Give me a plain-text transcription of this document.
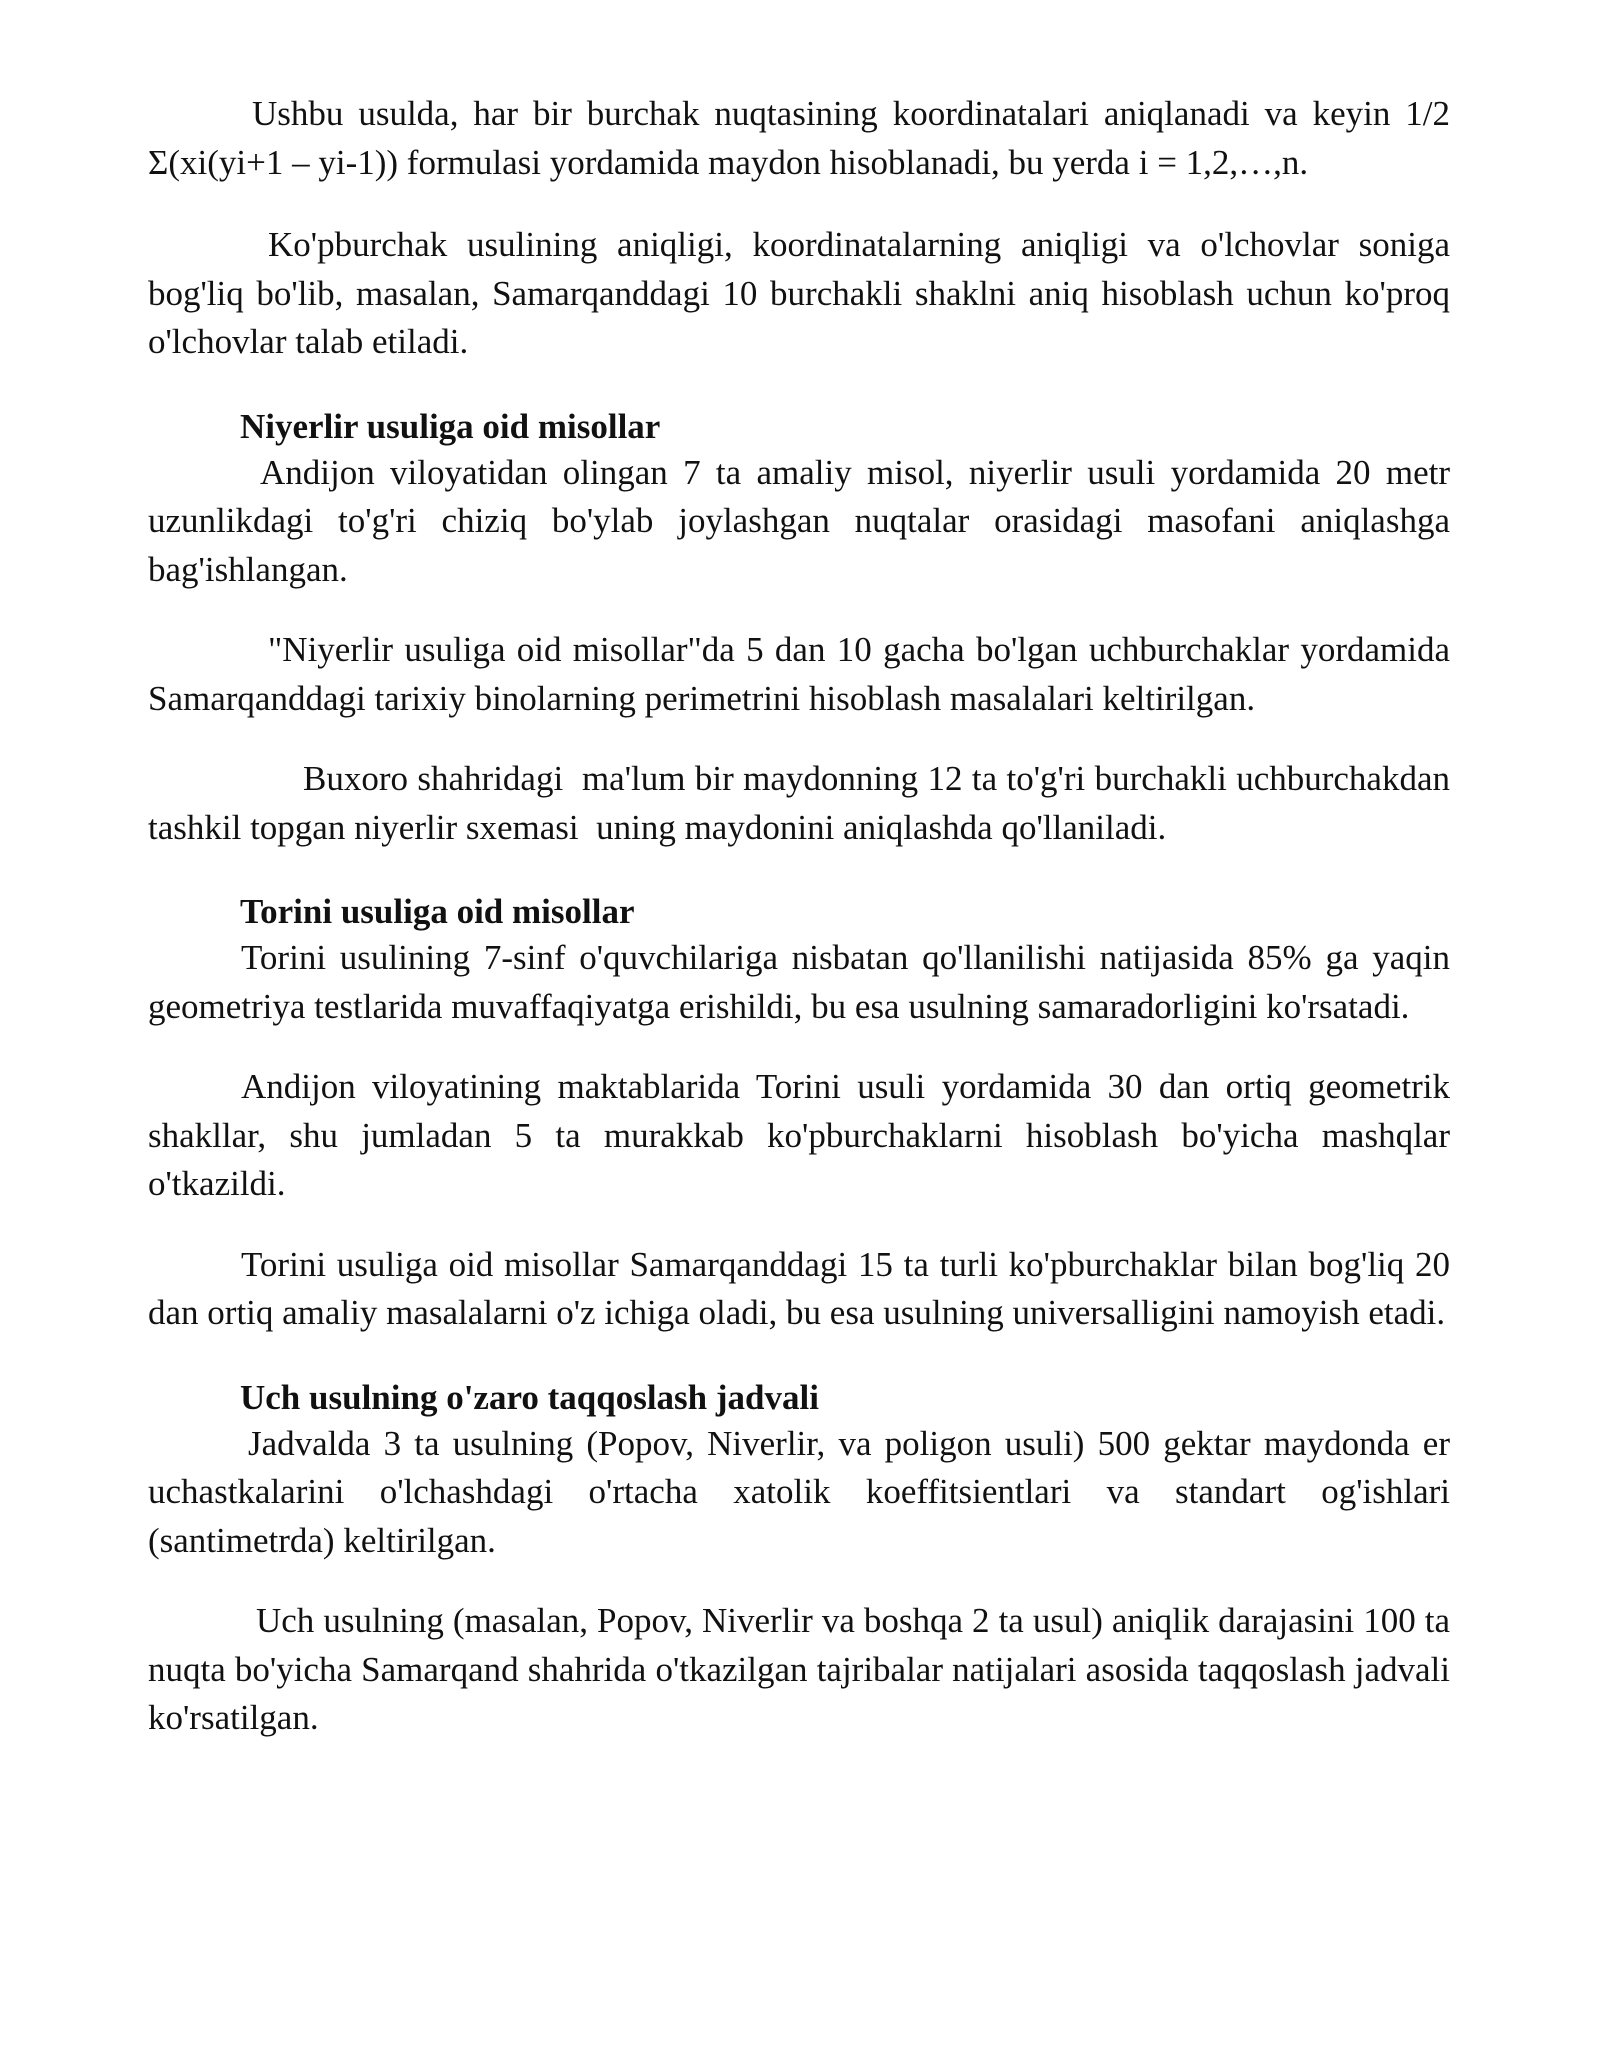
Ushbu usulda, har bir burchak nuqtasining koordinatalari aniqlanadi va keyin 1/2 Σ(xi(yi+1 – yi-1)) formulasi yordamida maydon hisoblanadi, bu yerda i = 1,2,…,n.

Ko'pburchak usulining aniqligi, koordinatalarning aniqligi va o'lchovlar soniga bog'liq bo'lib, masalan, Samarqanddagi 10 burchakli shaklni aniq hisoblash uchun ko'proq o'lchovlar talab etiladi.

Niyerlir usuliga oid misollar

Andijon viloyatidan olingan 7 ta amaliy misol, niyerlir usuli yordamida 20 metr uzunlikdagi to'g'ri chiziq bo'ylab joylashgan nuqtalar orasidagi masofani aniqlashga bag'ishlangan.

"Niyerlir usuliga oid misollar"da 5 dan 10 gacha bo'lgan uchburchaklar yordamida Samarqanddagi tarixiy binolarning perimetrini hisoblash masalalari keltirilgan.

Buxoro shahridagi  ma'lum bir maydonning 12 ta to'g'ri burchakli uchburchakdan tashkil topgan niyerlir sxemasi  uning maydonini aniqlashda qo'llaniladi.

Torini usuliga oid misollar

Torini usulining 7-sinf o'quvchilariga nisbatan qo'llanilishi natijasida 85% ga yaqin geometriya testlarida muvaffaqiyatga erishildi, bu esa usulning samaradorligini ko'rsatadi.

Andijon viloyatining maktablarida Torini usuli yordamida 30 dan ortiq geometrik shakllar, shu jumladan 5 ta murakkab ko'pburchaklarni hisoblash bo'yicha mashqlar o'tkazildi.

Torini usuliga oid misollar Samarqanddagi 15 ta turli ko'pburchaklar bilan bog'liq 20 dan ortiq amaliy masalalarni o'z ichiga oladi, bu esa usulning universalligini namoyish etadi.

Uch usulning o'zaro taqqoslash jadvali

Jadvalda 3 ta usulning (Popov, Niverlir, va poligon usuli) 500 gektar maydonda er uchastkalarini o'lchashdagi o'rtacha xatolik koeffitsientlari va standart og'ishlari (santimetrda) keltirilgan.

Uch usulning (masalan, Popov, Niverlir va boshqa 2 ta usul) aniqlik darajasini 100 ta nuqta bo'yicha Samarqand shahrida o'tkazilgan tajribalar natijalari asosida taqqoslash jadvali ko'rsatilgan.
